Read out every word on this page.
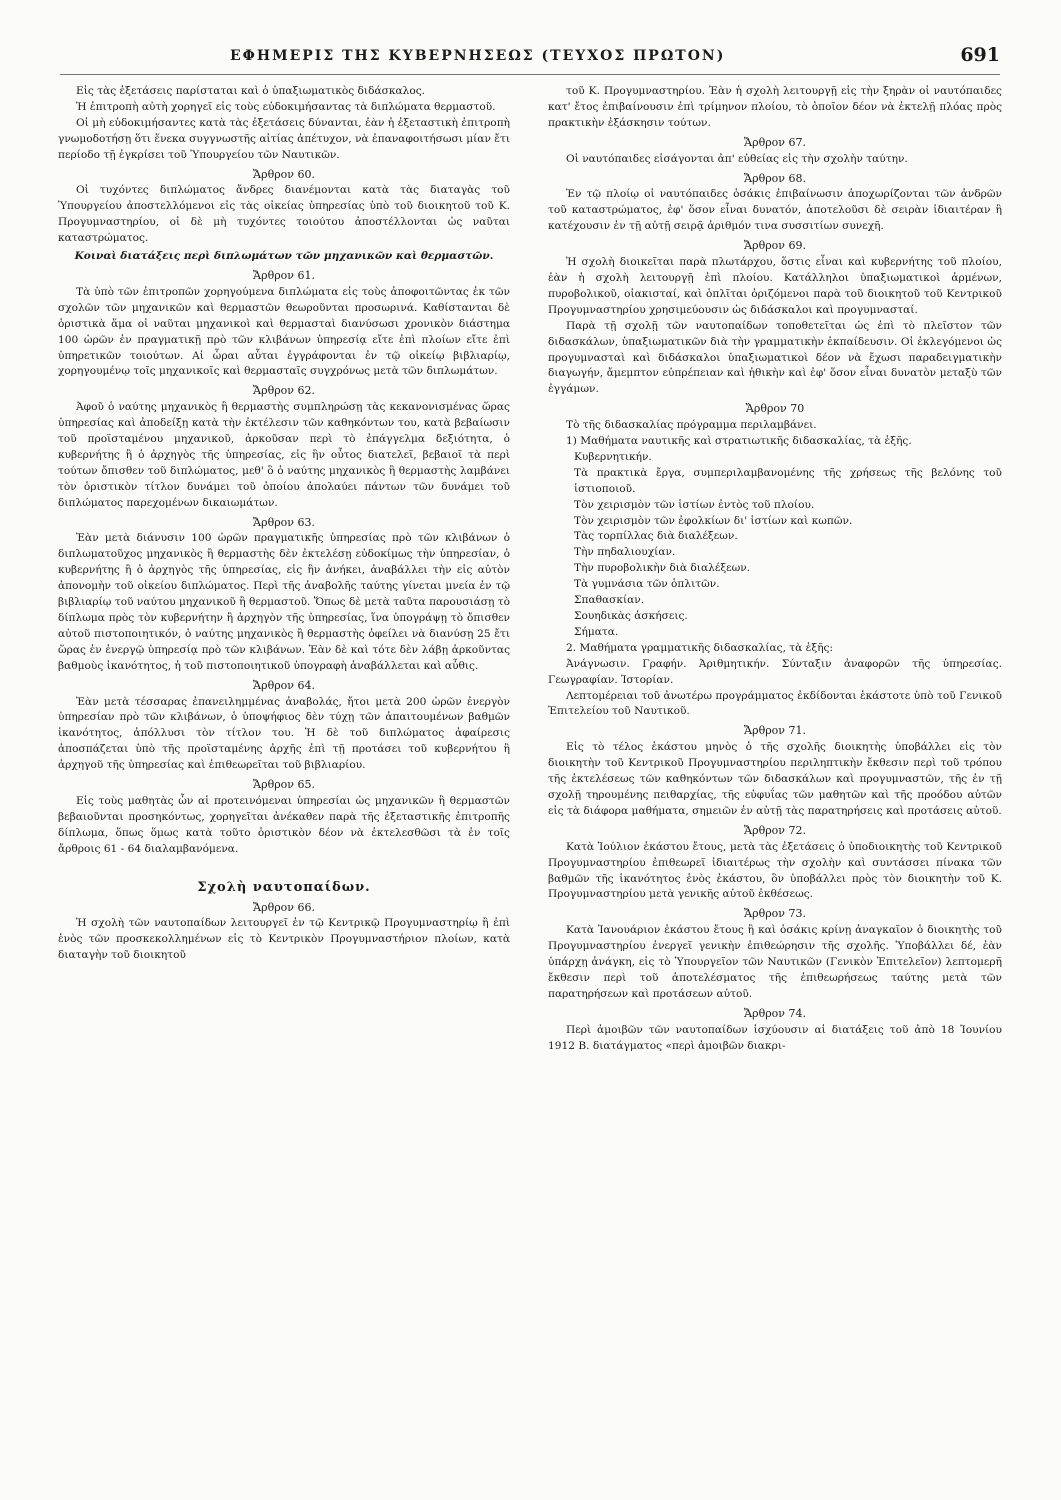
ΕΦΗΜΕΡΙΣ ΤΗΣ ΚΥΒΕΡΝΗΣΕΩΣ (ΤΕΥΧΟΣ ΠΡΩΤΟΝ)	691

Εἰς τὰς ἐξετάσεις παρίσταται καὶ ὁ ὑπαξιωματικὸς διδάσκαλος.

Ἡ ἐπιτροπὴ αὐτὴ χορηγεῖ εἰς τοὺς εὐδοκιμήσαντας τὰ διπλώματα θερμαστοῦ.

Οἱ μὴ εὐδοκιμήσαντες κατὰ τὰς ἐξετάσεις δύνανται, ἐὰν ἡ ἐξεταστικὴ ἐπιτροπὴ γνωμοδοτήσῃ ὅτι ἕνεκα συγγνωστῆς αἰτίας ἀπέτυχον, νὰ ἐπαναφοιτήσωσι μίαν ἔτι περίοδο τῇ ἐγκρίσει τοῦ Ὑπουργείου τῶν Ναυτικῶν.

Ἄρθρον 60.

Οἱ τυχόντες διπλώματος ἄνδρες διανέμονται κατὰ τὰς διαταγὰς τοῦ Ὑπουργείου ἀποστελλόμενοι εἰς τὰς οἰκείας ὑπηρεσίας ὑπὸ τοῦ διοικητοῦ τοῦ Κ. Προγυμναστηρίου, οἱ δὲ μὴ τυχόντες τοιούτου ἀποστέλλονται ὡς ναῦται καταστρώματος.

Κοιναὶ διατάξεις περὶ διπλωμάτων τῶν μηχανικῶν καὶ θερμαστῶν.

Ἄρθρον 61.

Τὰ ὑπὸ τῶν ἐπιτροπῶν χορηγούμενα διπλώματα εἰς τοὺς ἀποφοιτῶντας ἐκ τῶν σχολῶν τῶν μηχανικῶν καὶ θερμαστῶν θεωροῦνται προσωρινά. Καθίστανται δὲ ὁριστικὰ ἅμα οἱ ναῦται μηχανικοὶ καὶ θερμασταὶ διανύσωσι χρονικὸν διάστημα 100 ὡρῶν ἐν πραγματικῇ πρὸ τῶν κλιβάνων ὑπηρεσίᾳ εἴτε ἐπὶ πλοίων εἴτε ἐπὶ ὑπηρετικῶν τοιούτων. Αἱ ὧραι αὗται ἐγγράφονται ἐν τῷ οἰκείῳ βιβλιαρίῳ, χορηγουμένῳ τοῖς μηχανικοῖς καὶ θερμασταῖς συγχρόνως μετὰ τῶν διπλωμάτων.

Ἄρθρον 62.

Ἀφοῦ ὁ ναύτης μηχανικὸς ἢ θερμαστὴς συμπληρώσῃ τὰς κεκανονισμένας ὥρας ὑπηρεσίας καὶ ἀποδείξῃ κατὰ τὴν ἐκτέλεσιν τῶν καθηκόντων του, κατὰ βεβαίωσιν τοῦ προϊσταμένου μηχανικοῦ, ἀρκοῦσαν περὶ τὸ ἐπάγγελμα δεξιότητα, ὁ κυβερνήτης ἢ ὁ ἀρχηγὸς τῆς ὑπηρεσίας, εἰς ἣν οὗτος διατελεῖ, βεβαιοῖ τὰ περὶ τούτων ὄπισθεν τοῦ διπλώματος, μεθ' ὃ ὁ ναύτης μηχανικὸς ἢ θερμαστὴς λαμβάνει τὸν ὁριστικὸν τίτλον δυνάμει τοῦ ὁποίου ἀπολαύει πάντων τῶν δυνάμει τοῦ διπλώματος παρεχομένων δικαιωμάτων.

Ἄρθρον 63.

Ἐὰν μετὰ διάνυσιν 100 ὡρῶν πραγματικῆς ὑπηρεσίας πρὸ τῶν κλιβάνων ὁ διπλωματοῦχος μηχανικὸς ἢ θερμαστὴς δὲν ἐκτελέσῃ εὐδοκίμως τὴν ὑπηρεσίαν, ὁ κυβερνήτης ἢ ὁ ἀρχηγὸς τῆς ὑπηρεσίας, εἰς ἣν ἀνήκει, ἀναβάλλει τὴν εἰς αὐτὸν ἀπονομὴν τοῦ οἰκείου διπλώματος. Περὶ τῆς ἀναβολῆς ταύτης γίνεται μνεία ἐν τῷ βιβλιαρίῳ τοῦ ναύτου μηχανικοῦ ἢ θερμαστοῦ. Ὅπως δὲ μετὰ ταῦτα παρουσιάσῃ τὸ δίπλωμα πρὸς τὸν κυβερνήτην ἢ ἀρχηγὸν τῆς ὑπηρεσίας, ἵνα ὑπογράψῃ τὸ ὄπισθεν αὐτοῦ πιστοποιητικόν, ὁ ναύτης μηχανικὸς ἢ θερμαστὴς ὀφείλει νὰ διανύσῃ 25 ἔτι ὥρας ἐν ἐνεργῷ ὑπηρεσίᾳ πρὸ τῶν κλιβάνων. Ἐὰν δὲ καὶ τότε δὲν λάβῃ ἀρκοῦντας βαθμοὺς ἱκανότητος, ἡ τοῦ πιστοποιητικοῦ ὑπογραφὴ ἀναβάλλεται καὶ αὖθις.

Ἄρθρον 64.

Ἐὰν μετὰ τέσσαρας ἐπανειλημμένας ἀναβολάς, ἤτοι μετὰ 200 ὡρῶν ἐνεργὸν ὑπηρεσίαν πρὸ τῶν κλιβάνων, ὁ ὑποψήφιος δὲν τύχῃ τῶν ἀπαιτουμένων βαθμῶν ἱκανότητος, ἀπόλλυσι τὸν τίτλον του. Ἡ δὲ τοῦ διπλώματος ἀφαίρεσις ἀποσπάζεται ὑπὸ τῆς προϊσταμένης ἀρχῆς ἐπὶ τῇ προτάσει τοῦ κυβερνήτου ἢ ἀρχηγοῦ τῆς ὑπηρεσίας καὶ ἐπιθεωρεῖται τοῦ βιβλιαρίου.

Ἄρθρον 65.

Εἰς τοὺς μαθητὰς ὧν αἱ προτεινόμεναι ὑπηρεσίαι ὡς μηχανικῶν ἢ θερμαστῶν βεβαιοῦνται προσηκόντως, χορηγεῖται ἀνέκαθεν παρὰ τῆς ἐξεταστικῆς ἐπιτροπῆς δίπλωμα, ὅπως ὅμως κατὰ τοῦτο ὁριστικὸν δέον νὰ ἐκτελεσθῶσι τὰ ἐν τοῖς ἄρθροις 61 - 64 διαλαμβανόμενα.

Σχολὴ ναυτοπαίδων.

Ἄρθρον 66.

Ἡ σχολὴ τῶν ναυτοπαίδων λειτουργεῖ ἐν τῷ Κεντρικῷ Προγυμναστηρίῳ ἢ ἐπὶ ἑνὸς τῶν προσκεκολλημένων εἰς τὸ Κεντρικὸν Προγυμναστήριον πλοίων, κατὰ διαταγὴν τοῦ διοικητοῦ

τοῦ Κ. Προγυμναστηρίου. Ἐὰν ἡ σχολὴ λειτουργῇ εἰς τὴν ξηρὰν οἱ ναυτόπαιδες κατ' ἔτος ἐπιβαίνουσιν ἐπὶ τρίμηνον πλοίου, τὸ ὁποῖον δέον νὰ ἐκτελῇ πλόας πρὸς πρακτικὴν ἐξάσκησιν τούτων.

Ἄρθρον 67.

Οἱ ναυτόπαιδες εἰσάγονται ἀπ' εὐθείας εἰς τὴν σχολὴν ταύτην.

Ἄρθρον 68.

Ἐν τῷ πλοίῳ οἱ ναυτόπαιδες ὁσάκις ἐπιβαίνωσιν ἀποχωρίζονται τῶν ἀνδρῶν τοῦ καταστρώματος, ἐφ' ὅσον εἶναι δυνατόν, ἀποτελοῦσι δὲ σειρὰν ἰδιαιτέραν ἢ κατέχουσιν ἐν τῇ αὐτῇ σειρᾷ ἀριθμόν τινα συσσιτίων συνεχῆ.

Ἄρθρον 69.

Ἡ σχολὴ διοικεῖται παρὰ πλωτάρχου, ὅστις εἶναι καὶ κυβερνήτης τοῦ πλοίου, ἐὰν ἡ σχολὴ λειτουργῇ ἐπὶ πλοίου. Κατάλληλοι ὑπαξιωματικοὶ ἀρμένων, πυροβολικοῦ, οἰακισταί, καὶ ὁπλῖται ὁριζόμενοι παρὰ τοῦ διοικητοῦ τοῦ Κεντρικοῦ Προγυμναστηρίου χρησιμεύουσιν ὡς διδάσκαλοι καὶ προγυμνασταί.

Παρὰ τῇ σχολῇ τῶν ναυτοπαίδων τοποθετεῖται ὡς ἐπὶ τὸ πλεῖστον τῶν διδασκάλων, ὑπαξιωματικῶν διὰ τὴν γραμματικὴν ἐκπαίδευσιν. Οἱ ἐκλεγόμενοι ὡς προγυμνασταὶ καὶ διδάσκαλοι ὑπαξιωματικοὶ δέον νὰ ἔχωσι παραδειγματικὴν διαγωγήν, ἄμεμπτον εὐπρέπειαν καὶ ἠθικὴν καὶ ἐφ' ὅσον εἶναι δυνατὸν μεταξὺ τῶν ἐγγάμων.

Ἄρθρον 70

Τὸ τῆς διδασκαλίας πρόγραμμα περιλαμβάνει.

1) Μαθήματα ναυτικῆς καὶ στρατιωτικῆς διδασκαλίας, τὰ ἑξῆς.

Κυβερνητικήν.

Τὰ πρακτικὰ ἔργα, συμπεριλαμβανομένης τῆς χρήσεως τῆς βελόνης τοῦ ἱστιοποιοῦ.

Τὸν χειρισμὸν τῶν ἱστίων ἐντὸς τοῦ πλοίου.

Τὸν χειρισμὸν τῶν ἐφολκίων δι' ἱστίων καὶ κωπῶν.

Τὰς τορπίλλας διὰ διαλέξεων.

Τὴν πηδαλιουχίαν.

Τὴν πυροβολικὴν διὰ διαλέξεων.

Τὰ γυμνάσια τῶν ὁπλιτῶν.

Σπαθασκίαν.

Σουηδικὰς ἀσκήσεις.

Σήματα.

2. Μαθήματα γραμματικῆς διδασκαλίας, τὰ ἑξῆς:

Ἀνάγνωσιν. Γραφήν. Ἀριθμητικήν. Σύνταξιν ἀναφορῶν τῆς ὑπηρεσίας. Γεωγραφίαν. Ἱστορίαν.

Λεπτομέρειαι τοῦ ἀνωτέρω προγράμματος ἐκδίδονται ἑκάστοτε ὑπὸ τοῦ Γενικοῦ Ἐπιτελείου τοῦ Ναυτικοῦ.

Ἄρθρον 71.

Εἰς τὸ τέλος ἑκάστου μηνὸς ὁ τῆς σχολῆς διοικητὴς ὑποβάλλει εἰς τὸν διοικητὴν τοῦ Κεντρικοῦ Προγυμναστηρίου περιληπτικὴν ἔκθεσιν περὶ τοῦ τρόπου τῆς ἐκτελέσεως τῶν καθηκόντων τῶν διδασκάλων καὶ προγυμναστῶν, τῆς ἐν τῇ σχολῇ τηρουμένης πειθαρχίας, τῆς εὐφυΐας τῶν μαθητῶν καὶ τῆς προόδου αὐτῶν εἰς τὰ διάφορα μαθήματα, σημειῶν ἐν αὐτῇ τὰς παρατηρήσεις καὶ προτάσεις αὐτοῦ.

Ἄρθρον 72.

Κατὰ Ἰούλιον ἑκάστου ἔτους, μετὰ τὰς ἐξετάσεις ὁ ὑποδιοικητὴς τοῦ Κεντρικοῦ Προγυμναστηρίου ἐπιθεωρεῖ ἰδιαιτέρως τὴν σχολὴν καὶ συντάσσει πίνακα τῶν βαθμῶν τῆς ἱκανότητος ἑνὸς ἑκάστου, ὃν ὑποβάλλει πρὸς τὸν διοικητὴν τοῦ Κ. Προγυμναστηρίου μετὰ γενικῆς αὐτοῦ ἐκθέσεως.

Ἄρθρον 73.

Κατὰ Ἰανουάριον ἑκάστου ἔτους ἢ καὶ ὁσάκις κρίνῃ ἀναγκαῖον ὁ διοικητὴς τοῦ Προγυμναστηρίου ἐνεργεῖ γενικὴν ἐπιθεώρησιν τῆς σχολῆς. Ὑποβάλλει δέ, ἐὰν ὑπάρχῃ ἀνάγκη, εἰς τὸ Ὑπουργεῖον τῶν Ναυτικῶν (Γενικὸν Ἐπιτελεῖον) λεπτομερῆ ἔκθεσιν περὶ τοῦ ἀποτελέσματος τῆς ἐπιθεωρήσεως ταύτης μετὰ τῶν παρατηρήσεων καὶ προτάσεων αὐτοῦ.

Ἄρθρον 74.

Περὶ ἀμοιβῶν τῶν ναυτοπαίδων ἰσχύουσιν αἱ διατάξεις τοῦ ἀπὸ 18 Ἰουνίου 1912 Β. διατάγματος «περὶ ἀμοιβῶν διακρι-
